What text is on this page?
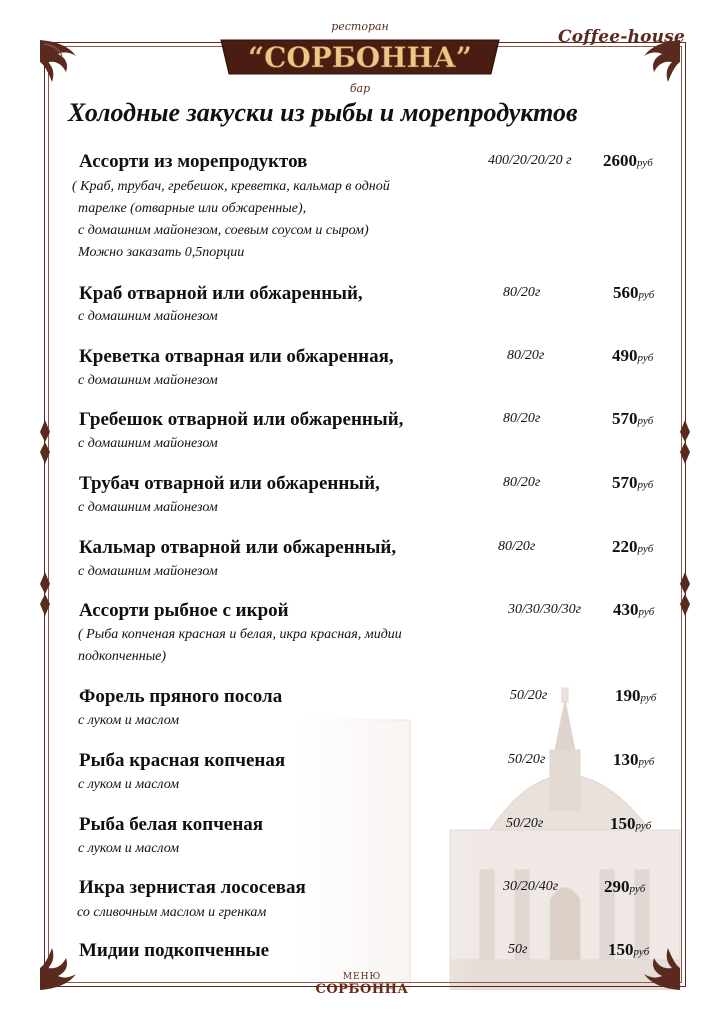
ресторан
“СОРБОННА”
бар
Coffee-house
Холодные закуски из рыбы и морепродуктов
Ассорти из морепродуктов	400/20/20/20 г 2600руб
( Краб, трубач, гребешок, креветка, кальмар в одной
тарелке (отварные или обжаренные),
с домашним майонезом, соевым соусом и сыром)
Можно заказать 0,5порции
Краб отварной или обжаренный,	80/20г	560руб
с домашним майонезом
Креветка отварная или обжаренная,	80/20г	490руб
с домашним майонезом
Гребешок отварной или обжаренный,	80/20г	570руб
с домашним майонезом
Трубач отварной или обжаренный,	80/20г	570руб
с домашним майонезом
Кальмар отварной или обжаренный,	80/20г	220руб
с домашним майонезом
Ассорти рыбное с икрой	30/30/30/30г 430руб
( Рыба копченая красная и белая, икра красная, мидии
подкопченные)
Форель пряного посола	50/20г	190руб
с луком и маслом
Рыба красная копченая	50/20г	130руб
с луком и маслом
Рыба белая копченая	50/20г	150руб
с луком и маслом
Икра зернистая лососевая	30/20/40г	290руб
со сливочным маслом и гренкам
Мидии подкопченные	50г	150руб
МЕНЮ
СОРБОННА
